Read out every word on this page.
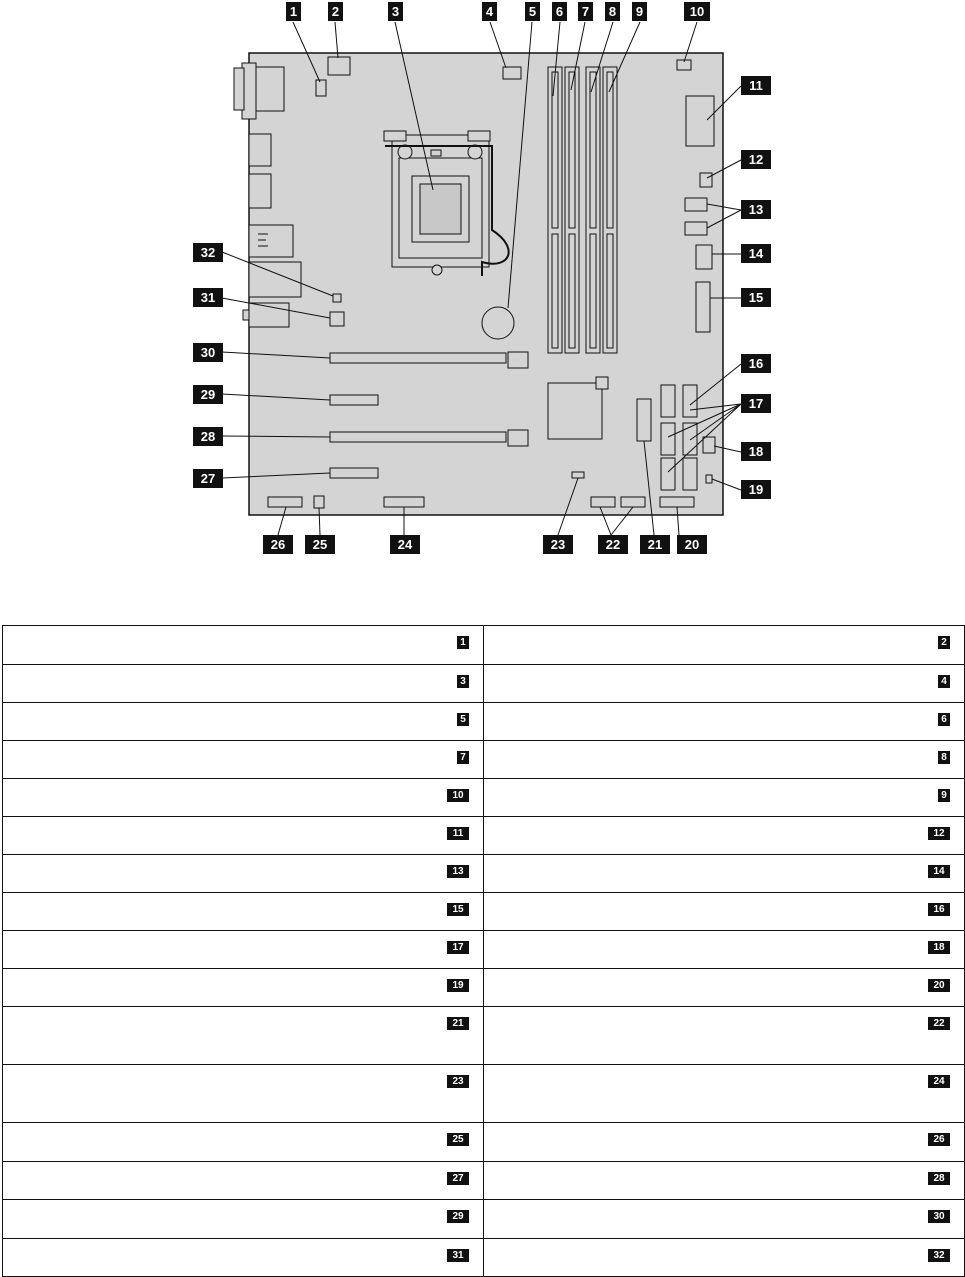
1	2	3	4	5 6 7 8 9	10
11
12
13
14
15
16
17
18
19
20
21
22
23
24
25
26
27
28
29
30
31
32
1	2

3	4

5	6

7	8

10	9

11	12

13	14

15	16

17	18

19	20

21	22

23	24

25	26

27	28

29	30

31	32
